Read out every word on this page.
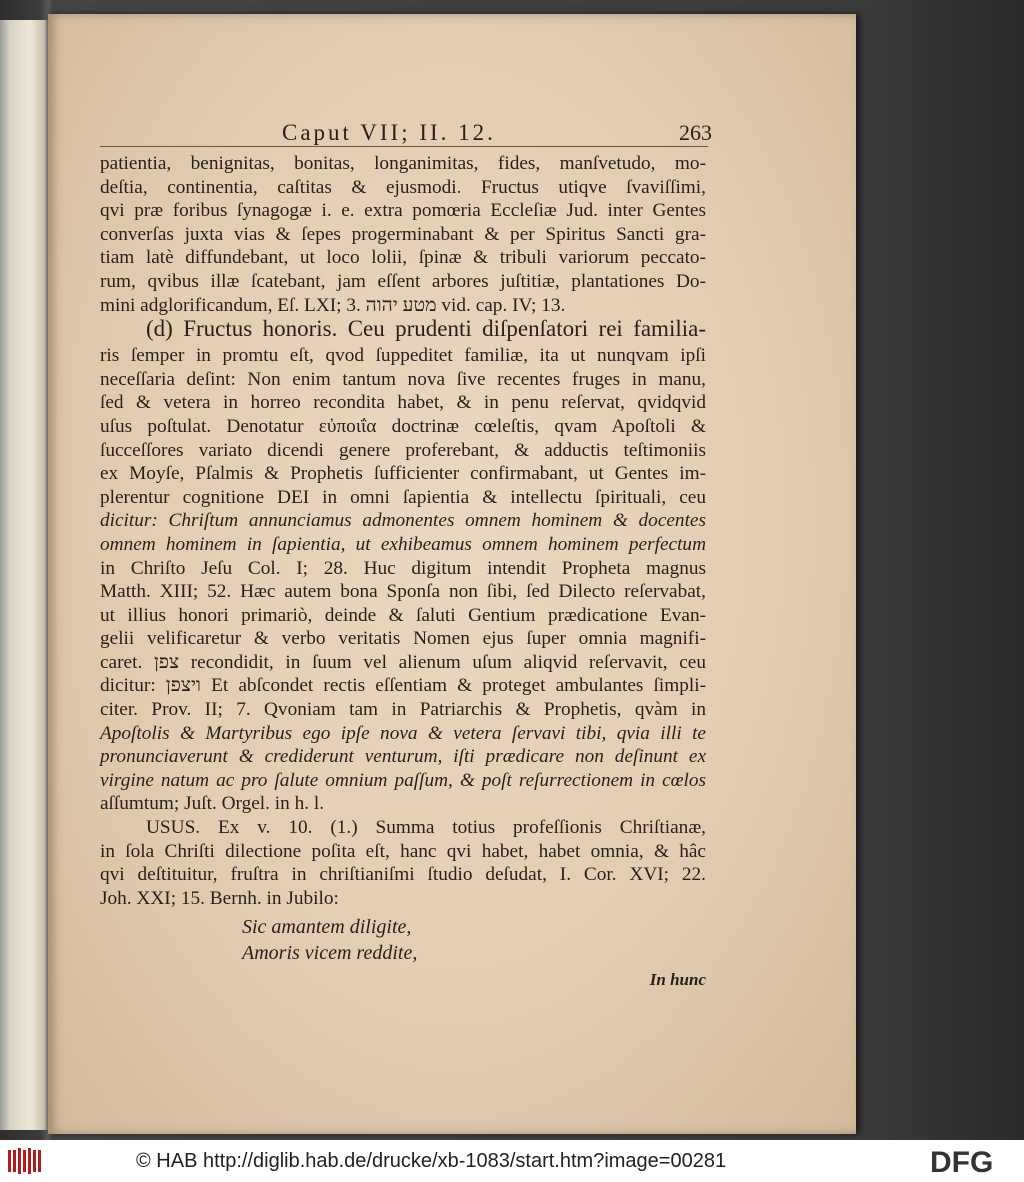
Caput VII; II. 12.	263
patientia, benignitas, bonitas, longanimitas, fides, manſvetudo, mo-
deſtia, continentia, caſtitas & ejusmodi. Fructus utiqve ſvaviſſimi,
qvi præ foribus ſynagogæ i. e. extra pomœria Eccleſiæ Jud. inter Gentes
converſas juxta vias & ſepes progerminabant & per Spiritus Sancti gra-
tiam latè diffundebant, ut loco lolii, ſpinæ & tribuli variorum peccato-
rum, qvibus illæ ſcatebant, jam eſſent arbores juſtitiæ, plantationes Do-
mini adglorificandum, Eſ. LXI; 3. מטע יהוה vid. cap. IV; 13.
(d) Fructus honoris. Ceu prudenti diſpenſatori rei familia-
ris ſemper in promtu eſt, qvod ſuppeditet familiæ, ita ut nunqvam ipſi
neceſſaria deſint: Non enim tantum nova ſive recentes fruges in manu,
ſed & vetera in horreo recondita habet, & in penu reſervat, qvidqvid
uſus poſtulat. Denotatur εὐποιΐα doctrinæ cœleſtis, qvam Apoſtoli &
ſucceſſores variato dicendi genere proferebant, & adductis teſtimoniis
ex Moyſe, Pſalmis & Prophetis ſufficienter confirmabant, ut Gentes im-
plerentur cognitione DEI in omni ſapientia & intellectu ſpirituali, ceu
dicitur: Chriſtum annunciamus admonentes omnem hominem & docentes
omnem hominem in ſapientia, ut exhibeamus omnem hominem perfectum
in Chriſto Jeſu Col. I; 28. Huc digitum intendit Propheta magnus
Matth. XIII; 52. Hæc autem bona Sponſa non ſibi, ſed Dilecto reſervabat,
ut illius honori primariò, deinde & ſaluti Gentium prædicatione Evan-
gelii velificaretur & verbo veritatis Nomen ejus ſuper omnia magnifi-
caret. צפן recondidit, in ſuum vel alienum uſum aliqvid reſervavit, ceu
dicitur: ויצפן Et abſcondet rectis eſſentiam & proteget ambulantes ſimpli-
citer. Prov. II; 7. Qvoniam tam in Patriarchis & Prophetis, qvàm in
Apoſtolis & Martyribus ego ipſe nova & vetera ſervavi tibi, qvia illi te
pronunciaverunt & crediderunt venturum, iſti prædicare non deſinunt ex
virgine natum ac pro ſalute omnium paſſum, & poſt reſurrectionem in cœlos
aſſumtum; Juſt. Orgel. in h. l.
USUS. Ex v. 10. (1.) Summa totius profeſſionis Chriſtianæ,
in ſola Chriſti dilectione poſita eſt, hanc qvi habet, habet omnia, & hâc
qvi deſtituitur, fruſtra in chriſtianiſmi ſtudio deſudat, I. Cor. XVI; 22.
Joh. XXI; 15. Bernh. in Jubilo:
Sic amantem diligite,
Amoris vicem reddite,
In hunc
© HAB http://diglib.hab.de/drucke/xb-1083/start.htm?image=00281	DFG
